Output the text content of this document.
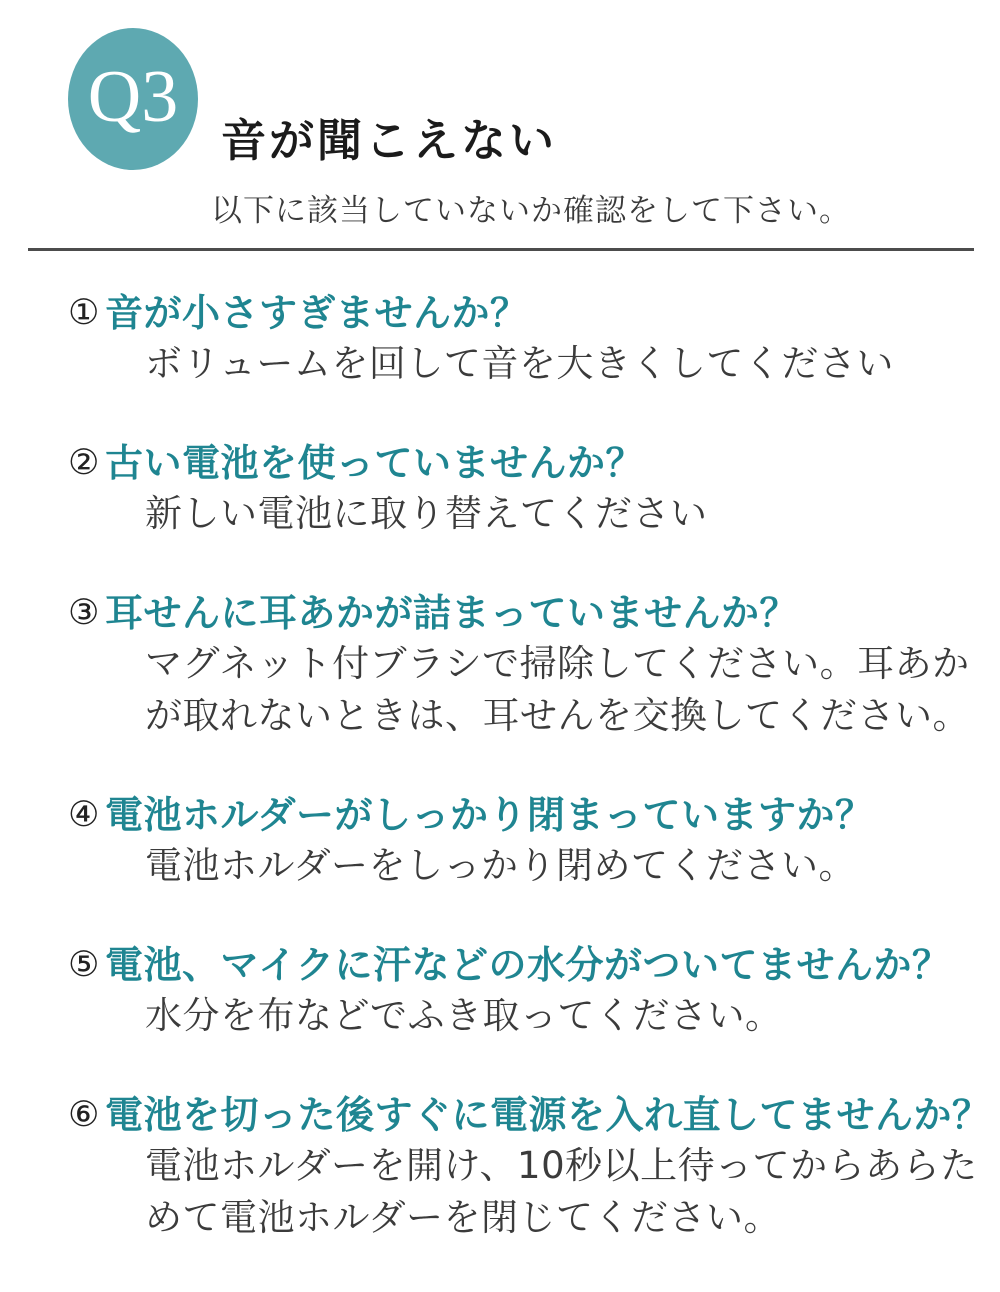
Q3
音が聞こえない
以下に該当していないか確認をして下さい。
① 音が小さすぎませんか？
ボリュームを回して音を大きくしてください
② 古い電池を使っていませんか？
新しい電池に取り替えてください
③ 耳せんに耳あかが詰まっていませんか？
マグネット付ブラシで掃除してください。耳あか
が取れないときは、耳せんを交換してください。
④ 電池ホルダーがしっかり閉まっていますか？
電池ホルダーをしっかり閉めてください。
⑤ 電池、マイクに汗などの水分がついてませんか？
水分を布などでふき取ってください。
⑥ 電池を切った後すぐに電源を入れ直してませんか？
電池ホルダーを開け、10秒以上待ってからあらた
めて電池ホルダーを閉じてください。
